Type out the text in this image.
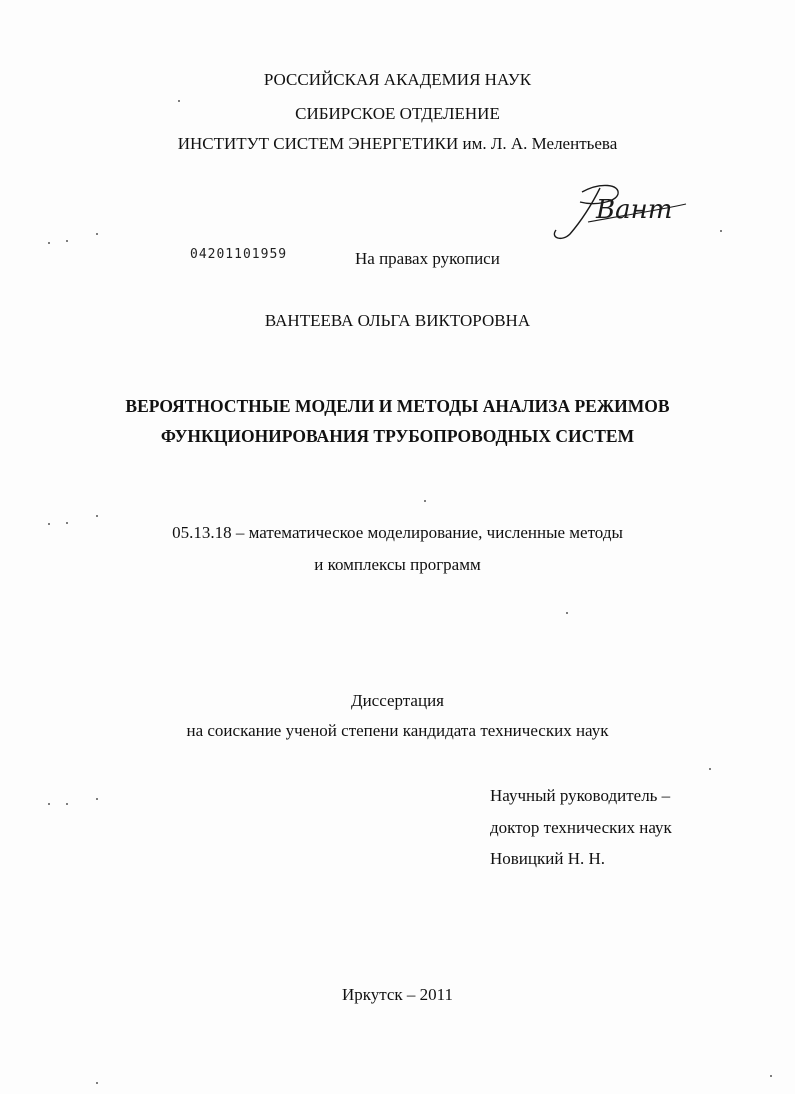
РОССИЙСКАЯ АКАДЕМИЯ НАУК
СИБИРСКОЕ ОТДЕЛЕНИЕ
ИНСТИТУТ СИСТЕМ ЭНЕРГЕТИКИ им. Л. А. Мелентьева
Вант
04201101959	На правах рукописи
ВАНТЕЕВА ОЛЬГА ВИКТОРОВНА
ВЕРОЯТНОСТНЫЕ МОДЕЛИ И МЕТОДЫ АНАЛИЗА РЕЖИМОВ
ФУНКЦИОНИРОВАНИЯ ТРУБОПРОВОДНЫХ СИСТЕМ
05.13.18 – математическое моделирование, численные методы
и комплексы программ
Диссертация
на соискание ученой степени кандидата технических наук
Научный руководитель –
доктор технических наук
Новицкий Н. Н.
Иркутск – 2011
